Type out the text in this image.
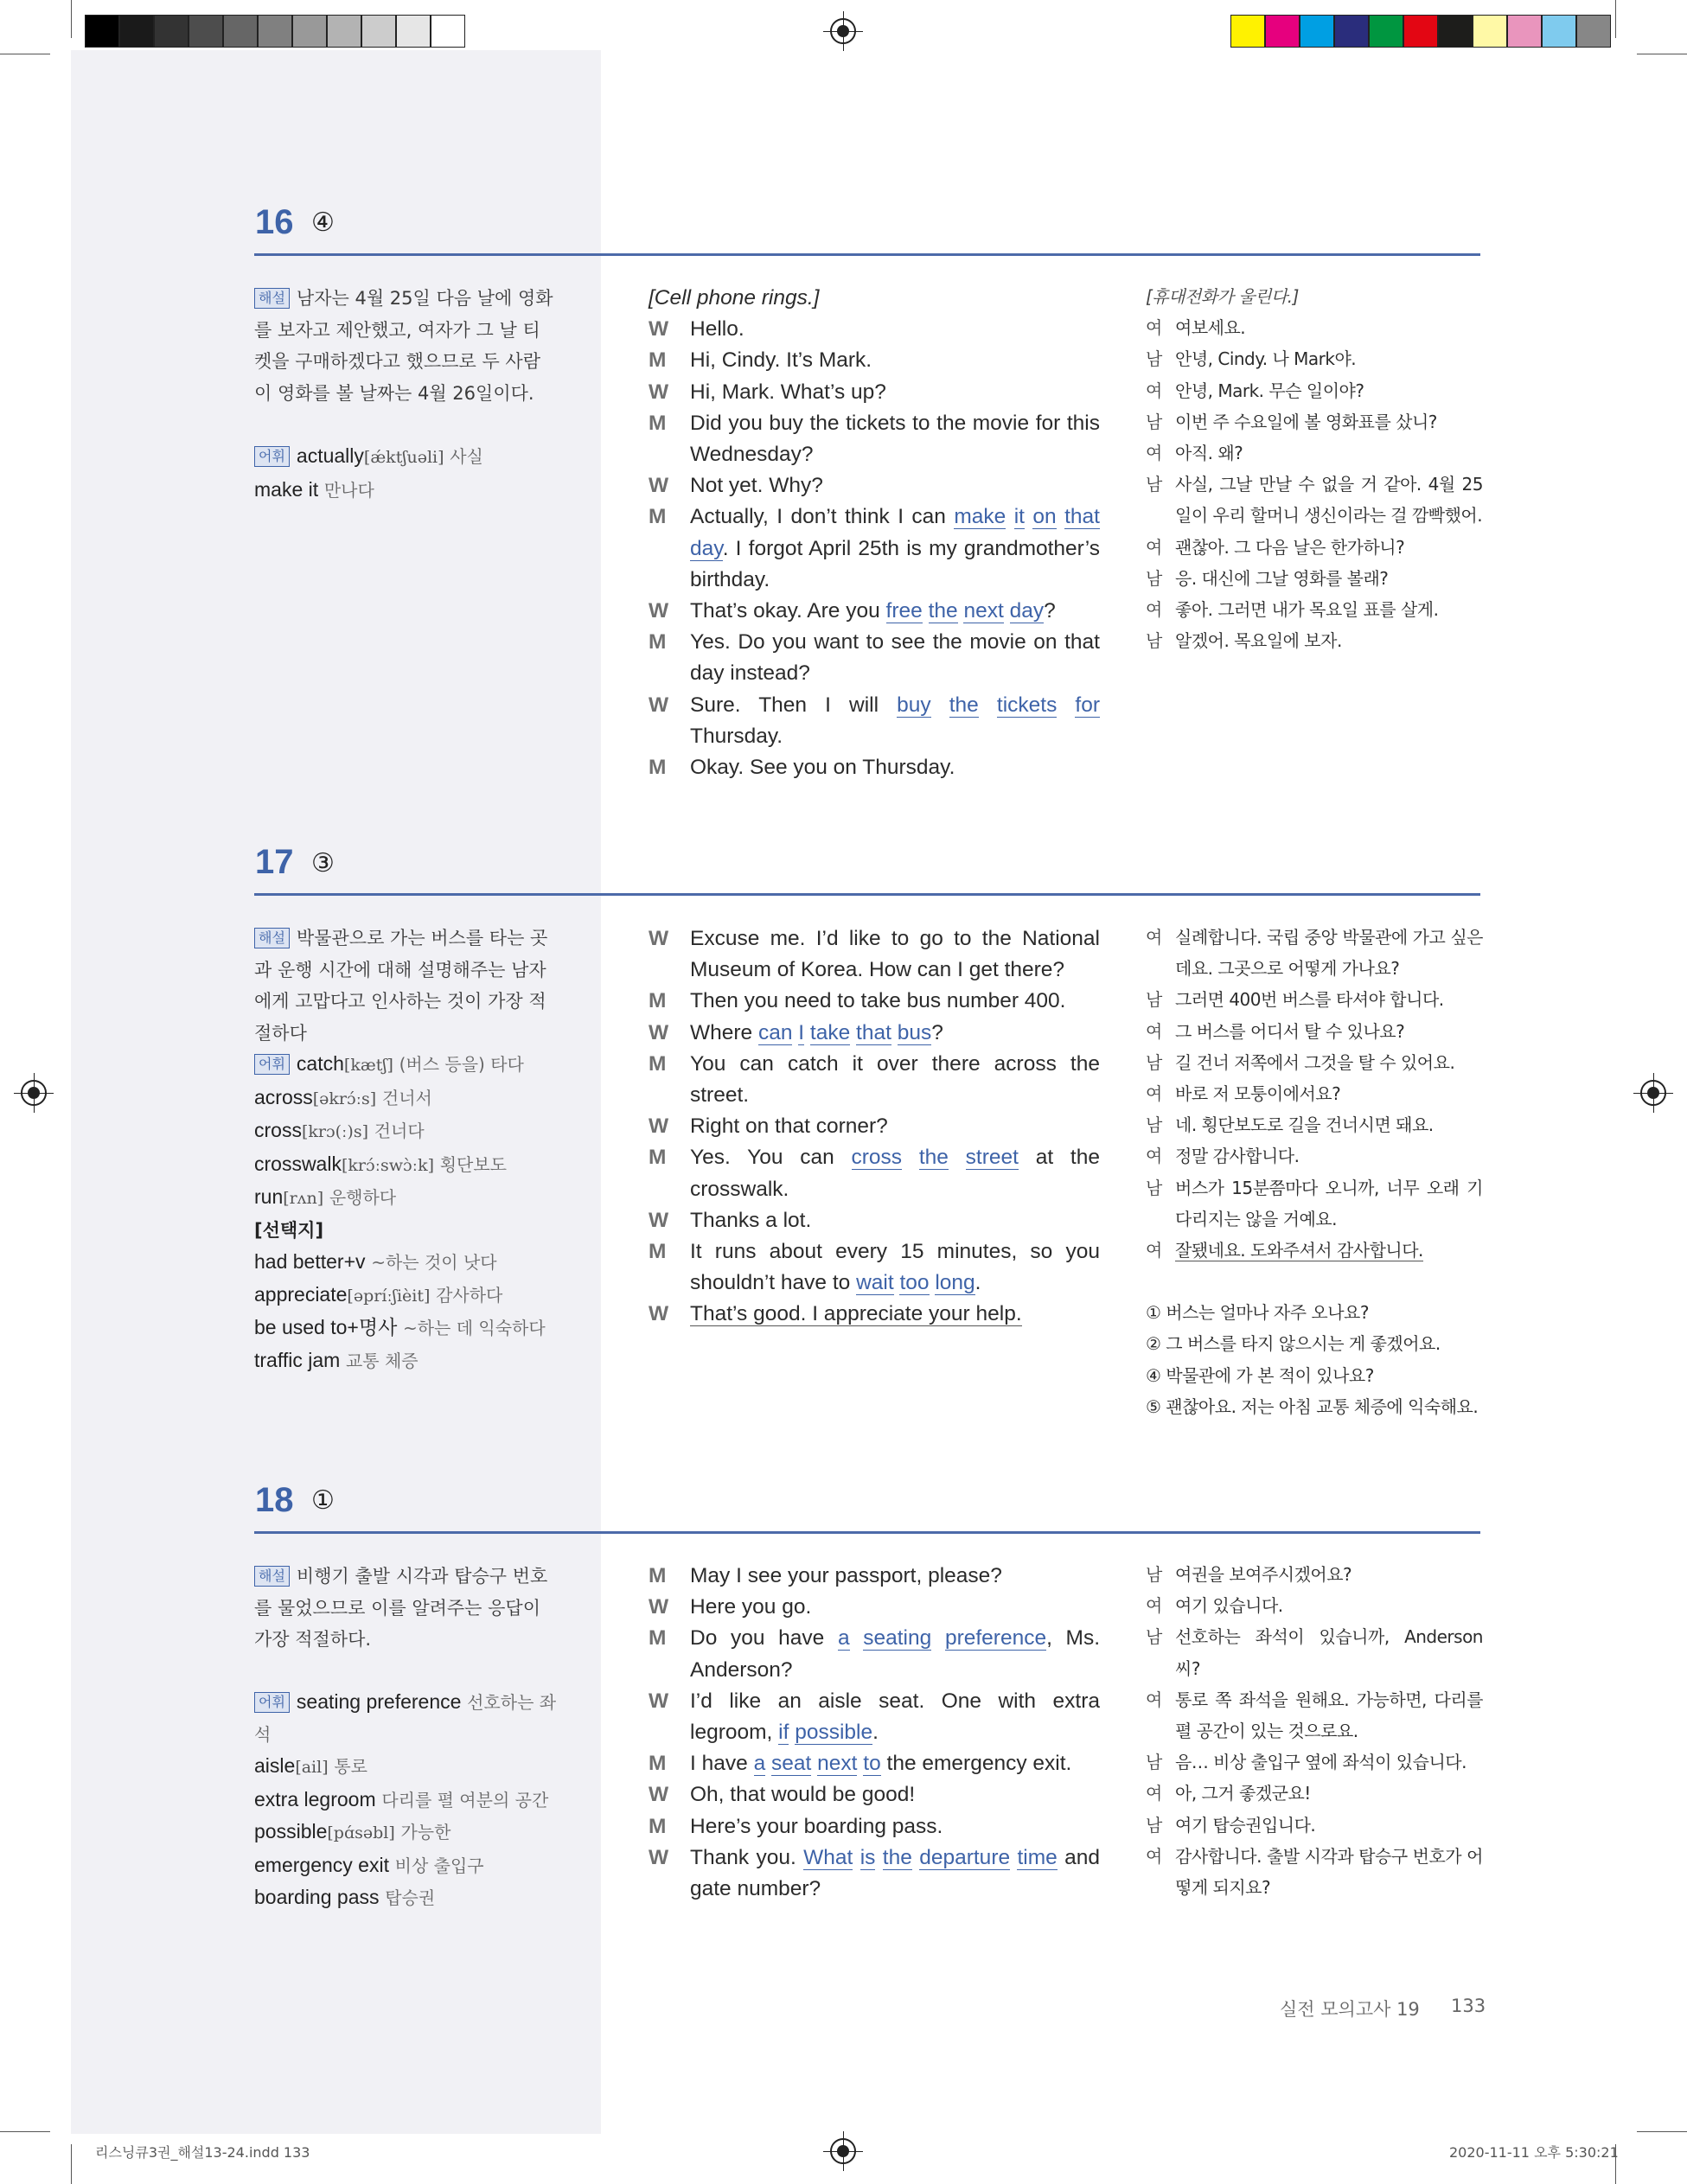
16 ④
해설 남자는 4월 25일 다음 날에 영화를 보자고 제안했고, 여자가 그 날 티켓을 구매하겠다고 했으므로 두 사람이 영화를 볼 날짜는 4월 26일이다.
어휘 actually[ǽktʃuəli] 사실
make it 만나다
[Cell phone rings.]
W	Hello.
M	Hi, Cindy. It’s Mark.
W	Hi, Mark. What’s up?
M	Did you buy the tickets to the movie for this Wednesday?
W	Not yet. Why?
M	Actually, I don’t think I can make it on that day. I forgot April 25th is my grandmother’s birthday.
W	That’s okay. Are you free the next day?
M	Yes. Do you want to see the movie on that day instead?
W	Sure. Then I will buy the tickets for Thursday.
M	Okay. See you on Thursday.
[휴대전화가 울린다.]
여 여보세요.
남 안녕, Cindy. 나 Mark야.
여 안녕, Mark. 무슨 일이야?
남 이번 주 수요일에 볼 영화표를 샀니?
여 아직. 왜?
남 사실, 그날 만날 수 없을 거 같아. 4월 25일이 우리 할머니 생신이라는 걸 깜빡했어.
여 괜찮아. 그 다음 날은 한가하니?
남 응. 대신에 그날 영화를 볼래?
여 좋아. 그러면 내가 목요일 표를 살게.
남 알겠어. 목요일에 보자.
17 ③
해설 박물관으로 가는 버스를 타는 곳과 운행 시간에 대해 설명해주는 남자에게 고맙다고 인사하는 것이 가장 적절하다
어휘 catch[kætʃ] (버스 등을) 타다
across[əkrɔ́ːs] 건너서
cross[krɔ(ː)s] 건너다
crosswalk[krɔ́ːswɔ̀ːk] 횡단보도
run[rʌn] 운행하다
[선택지]
had better+v ~하는 것이 낫다
appreciate[əpríːʃièit] 감사하다
be used to+명사 ~하는 데 익숙하다
traffic jam 교통 체증
W	Excuse me. I’d like to go to the National Museum of Korea. How can I get there?
M	Then you need to take bus number 400.
W	Where can I take that bus?
M	You can catch it over there across the street.
W	Right on that corner?
M	Yes. You can cross the street at the crosswalk.
W	Thanks a lot.
M	It runs about every 15 minutes, so you shouldn’t have to wait too long.
W	That’s good. I appreciate your help.
여 실례합니다. 국립 중앙 박물관에 가고 싶은데요. 그곳으로 어떻게 가나요?
남 그러면 400번 버스를 타셔야 합니다.
여 그 버스를 어디서 탈 수 있나요?
남 길 건너 저쪽에서 그것을 탈 수 있어요.
여 바로 저 모퉁이에서요?
남 네. 횡단보도로 길을 건너시면 돼요.
여 정말 감사합니다.
남 버스가 15분쯤마다 오니까, 너무 오래 기다리지는 않을 거예요.
여 잘됐네요. 도와주셔서 감사합니다.
① 버스는 얼마나 자주 오나요?
② 그 버스를 타지 않으시는 게 좋겠어요.
④ 박물관에 가 본 적이 있나요?
⑤ 괜찮아요. 저는 아침 교통 체증에 익숙해요.
18 ①
해설 비행기 출발 시각과 탑승구 번호를 물었으므로 이를 알려주는 응답이 가장 적절하다.
어휘 seating preference 선호하는 좌석
aisle[ail] 통로
extra legroom 다리를 펼 여분의 공간
possible[pɑ́səbl] 가능한
emergency exit 비상 출입구
boarding pass 탑승권
M	May I see your passport, please?
W	Here you go.
M	Do you have a seating preference, Ms. Anderson?
W	I’d like an aisle seat. One with extra legroom, if possible.
M	I have a seat next to the emergency exit.
W	Oh, that would be good!
M	Here’s your boarding pass.
W	Thank you. What is the departure time and gate number?
남 여권을 보여주시겠어요?
여 여기 있습니다.
남 선호하는 좌석이 있습니까, Anderson 씨?
여 통로 쪽 좌석을 원해요. 가능하면, 다리를 펼 공간이 있는 것으로요.
남 음… 비상 출입구 옆에 좌석이 있습니다.
여 아, 그거 좋겠군요!
남 여기 탑승권입니다.
여 감사합니다. 출발 시각과 탑승구 번호가 어떻게 되지요?
실전 모의고사 19 133
리스닝큐3권_해설13-24.indd 133	2020-11-11 오후 5:30:21
